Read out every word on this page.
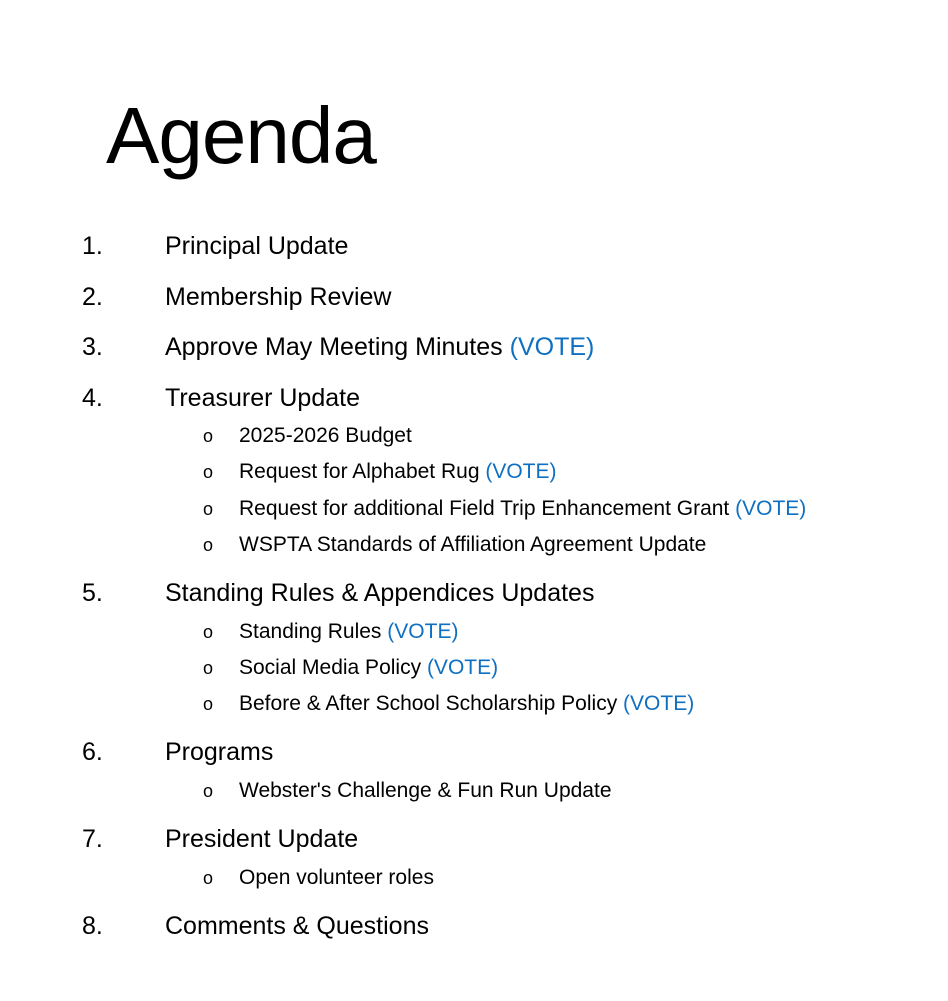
Agenda
1. Principal Update
2. Membership Review
3. Approve May Meeting Minutes (VOTE)
4. Treasurer Update
o 2025-2026 Budget
o Request for Alphabet Rug (VOTE)
o Request for additional Field Trip Enhancement Grant (VOTE)
o WSPTA Standards of Affiliation Agreement Update
5. Standing Rules & Appendices Updates
o Standing Rules (VOTE)
o Social Media Policy (VOTE)
o Before & After School Scholarship Policy (VOTE)
6. Programs
o Webster's Challenge & Fun Run Update
7. President Update
o Open volunteer roles
8. Comments & Questions
